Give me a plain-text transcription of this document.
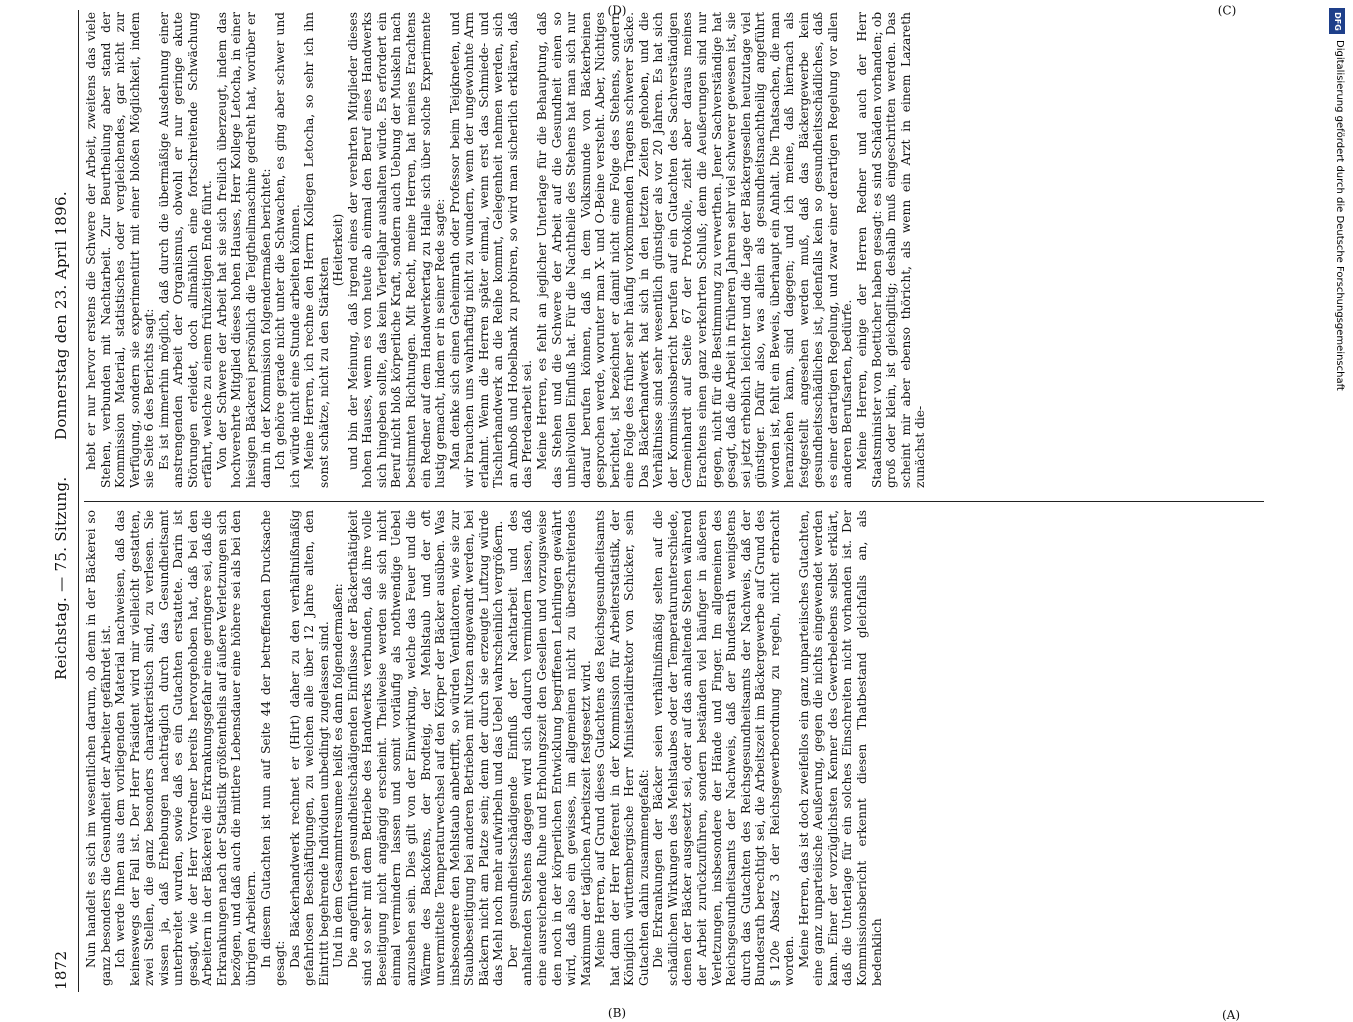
1872
Reichstag. — 75. Sitzung.
Donnerstag den 23. April 1896.

Nun handelt es sich im wesentlichen darum, ob denn in der Bäckerei so ganz besonders die Gesundheit der Arbeiter gefährdet ist. Ich werde Ihnen aus dem vorliegenden Material nachweisen, daß das keineswegs der Fall ist. Der Herr Präsident wird mir vielleicht gestatten, zwei Stellen, die ganz besonders charakteristisch sind, zu verlesen. Sie wissen ja, daß Erhebungen nachträglich durch das Gesundheitsamt unterbreitet wurden, sowie daß es ein Gutachten erstattete. Darin ist gesagt, wie der Herr Vorredner bereits hervorgehoben hat, daß bei den Arbeitern in der Bäckerei die Erkrankungsgefahr eine geringere sei, daß die Erkrankungen nach der Statistik größtentheils auf äußere Verletzungen sich bezögen, und daß auch die mittlere Lebensdauer eine höhere sei als bei den übrigen Arbeitern. In diesem Gutachten ist nun auf Seite 44 der betreffenden Drucksache gesagt: Das Bäckerhandwerk rechnet er (Hirt) daher zu den verhältnißmäßig gefahrlosen Beschäftigungen, zu welchen alle über 12 Jahre alten, den Eintritt begehrende Individuen unbedingt zugelassen sind. Und in dem Gesammtresumee heißt es dann folgendermaßen: Die angeführten gesundheitschädigenden Einflüsse der Bäckerthätigkeit sind so sehr mit dem Betriebe des Handwerks verbunden, daß ihre volle Beseitigung nicht angängig erscheint. Theilweise werden sie sich nicht einmal vermindern lassen und somit vorläufig als nothwendige Uebel anzusehen sein. Dies gilt von der Einwirkung, welche das Feuer und die Wärme des Backofens, der Brodteig, der Mehlstaub und der oft unvermittelte Temperaturwechsel auf den Körper der Bäcker ausüben. Was insbesondere den Mehlstaub anbetrifft, so würden Ventilatoren, wie sie zur Staubbeseitigung bei anderen Betrieben mit Nutzen angewandt werden, bei Bäckern nicht am Platze sein; denn der durch sie erzeugte Luftzug würde das Mehl noch mehr aufwirbeln und das Uebel wahrscheinlich vergrößern. Der gesundheitsschädigende Einfluß der Nachtarbeit und des anhaltenden Stehens dagegen wird sich dadurch vermindern lassen, daß eine ausreichende Ruhe und Erholungszeit den Gesellen und vorzugsweise den noch in der körperlichen Entwicklung begriffenen Lehrlingen gewährt wird, daß also ein gewisses, im allgemeinen nicht zu überschreitendes Maximum der täglichen Arbeitszeit festgesetzt wird. Meine Herren, auf Grund dieses Gutachtens des Reichsgesundheitsamts hat dann der Herr Referent in der Kommission für Arbeiterstatistik, der Königlich württembergische Herr Ministerialdirektor von Schicker, sein Gutachten dahin zusammengefaßt: Die Erkrankungen der Bäcker seien verhältnißmäßig selten auf die schädlichen Wirkungen des Mehlstaubes oder der Temperaturunterschiede, denen der Bäcker ausgesetzt sei, oder auf das anhaltende Stehen während der Arbeit zurückzuführen, sondern beständen viel häufiger in äußeren Verletzungen, insbesondere der Hände und Finger. Im allgemeinen des Reichsgesundheitsamts der Nachweis, daß der Bundesrath wenigstens durch das Gutachten des Reichsgesundheitsamts der Nachweis, daß der Bundesrath berechtigt sei, die Arbeitszeit im Bäckergewerbe auf Grund des § 120e Absatz 3 der Reichsgewerbeordnung zu regeln, nicht erbracht worden. Meine Herren, das ist doch zweifellos ein ganz unparteiisches Gutachten, eine ganz unparteiische Aeußerung, gegen die nichts eingewendet werden kann. Einer der vorzüglichsten Kenner des Gewerbelebens selbst erklärt, daß die Unterlage für ein solches Einschreiten nicht vorhanden ist. Der Kommissionsbericht erkennt diesen Thatbestand gleichfalls an, als bedenklich

hebt er nur hervor erstens die Schwere der Arbeit, zweitens das viele Stehen, verbunden mit Nachtarbeit. Zur Beurtheilung aber stand der Kommission Material, statistisches oder vergleichendes, gar nicht zur Verfügung, sondern sie experimentirt mit einer bloßen Möglichkeit, indem sie Seite 6 des Berichts sagt: Es ist immerhin möglich, daß durch die übermäßige Ausdehnung einer anstrengenden Arbeit der Organismus, obwohl er nur geringe akute Störungen erleidet, doch allmählich eine fortschreitende Schwächung erfährt, welche zu einem frühzeitigen Ende führt. Von der Schwere der Arbeit hat sie sich freilich überzeugt, indem das hochverehrte Mitglied dieses hohen Hauses, Herr Kollege Letocha, in einer hiesigen Bäckerei persönlich die Teigtheilmaschine gedreht hat, worüber er dann in der Kommission folgendermaßen berichtet: Ich gehöre gerade nicht unter die Schwachen, es ging aber schwer und ich würde nicht eine Stunde arbeiten können. Meine Herren, ich rechne den Herrn Kollegen Letocha, so sehr ich ihn sonst schätze, nicht zu den Stärksten

(Heiterkeit) und bin der Meinung, daß irgend eines der verehrten Mitglieder dieses hohen Hauses, wenn es von heute ab einmal den Beruf eines Handwerks sich hingeben sollte, das kein Vierteljahr aushalten würde. Es erfordert ein Beruf nicht bloß körperliche Kraft, sondern auch Uebung der Muskeln nach bestimmten Richtungen. Mit Recht, meine Herren, hat meines Erachtens ein Redner auf dem Handwerkertag zu Halle sich über solche Experimente lustig gemacht, indem er in seiner Rede sagte: Man denke sich einen Geheimrath oder Professor beim Teigkneten, und wir brauchen uns wahrhaftig nicht zu wundern, wenn der ungewohnte Arm erlahmt. Wenn die Herren später einmal, wenn erst das Schmiede- und Tischlerhandwerk an die Reihe kommt, Gelegenheit nehmen werden, sich an Amboß und Hobelbank zu probiren, so wird man sicherlich erklären, daß das Pferdearbeit sei. Meine Herren, es fehlt an jeglicher Unterlage für die Behauptung, daß das Stehen und die Schwere der Arbeit auf die Gesundheit einen so unheilvollen Einfluß hat. Für die Nachtheile des Stehens hat man sich nur darauf berufen können, daß in dem Volksmunde von Bäckerbeinen gesprochen werde, worunter man X- und O-Beine versteht. Aber, Nichtiges berichtet, ist bezeichnet er damit nicht eine Folge des Stehens, sondern eine Folge des früher sehr häufig vorkommenden Tragens schwerer Säcke. Das Bäckerhandwerk hat sich in den letzten Zeiten gehoben, und die Verhältnisse sind sehr wesentlich günstiger als vor 20 Jahren. Es hat sich der Kommissionsbericht berufen auf ein Gutachten des Sachverständigen Gemeinhardt auf Seite 67 der Protokolle, zieht aber daraus meines Erachtens einen ganz verkehrten Schluß; denn die Aeußerungen sind nur gegen, nicht für die Bestimmung zu verwerthen. Jener Sachverständige hat gesagt, daß die Arbeit in früheren Jahren sehr viel schwerer gewesen ist, sie sei jetzt erheblich leichter und die Lage der Bäckergesellen heutzutage viel günstiger. Dafür also, was allein als gesundheitsnachtheilig angeführt worden ist, fehlt ein Beweis, überhaupt ein Anhalt. Die Thatsachen, die man heranziehen kann, sind dagegen; und ich meine, daß hiernach als festgestellt angesehen werden muß, daß das Bäckergewerbe kein gesundheitsschädliches ist, jedenfalls kein so gesundheitsschädliches, daß es einer derartigen Regelung, und zwar einer derartigen Regelung vor allen anderen Berufsarten, bedürfe. Meine Herren, einige der Herren Redner und auch der Herr Staatsminister von Boetticher haben gesagt: es sind Schäden vorhanden; ob groß oder klein, ist gleichgiltig; deshalb muß eingeschritten werden. Das scheint mir aber ebenso thöricht, als wenn ein Arzt in einem Lazareth zunächst die-

(A)
(B)
(C)
(D)
DFG
Digitalisierung gefördert durch die Deutsche Forschungsgemeinschaft
